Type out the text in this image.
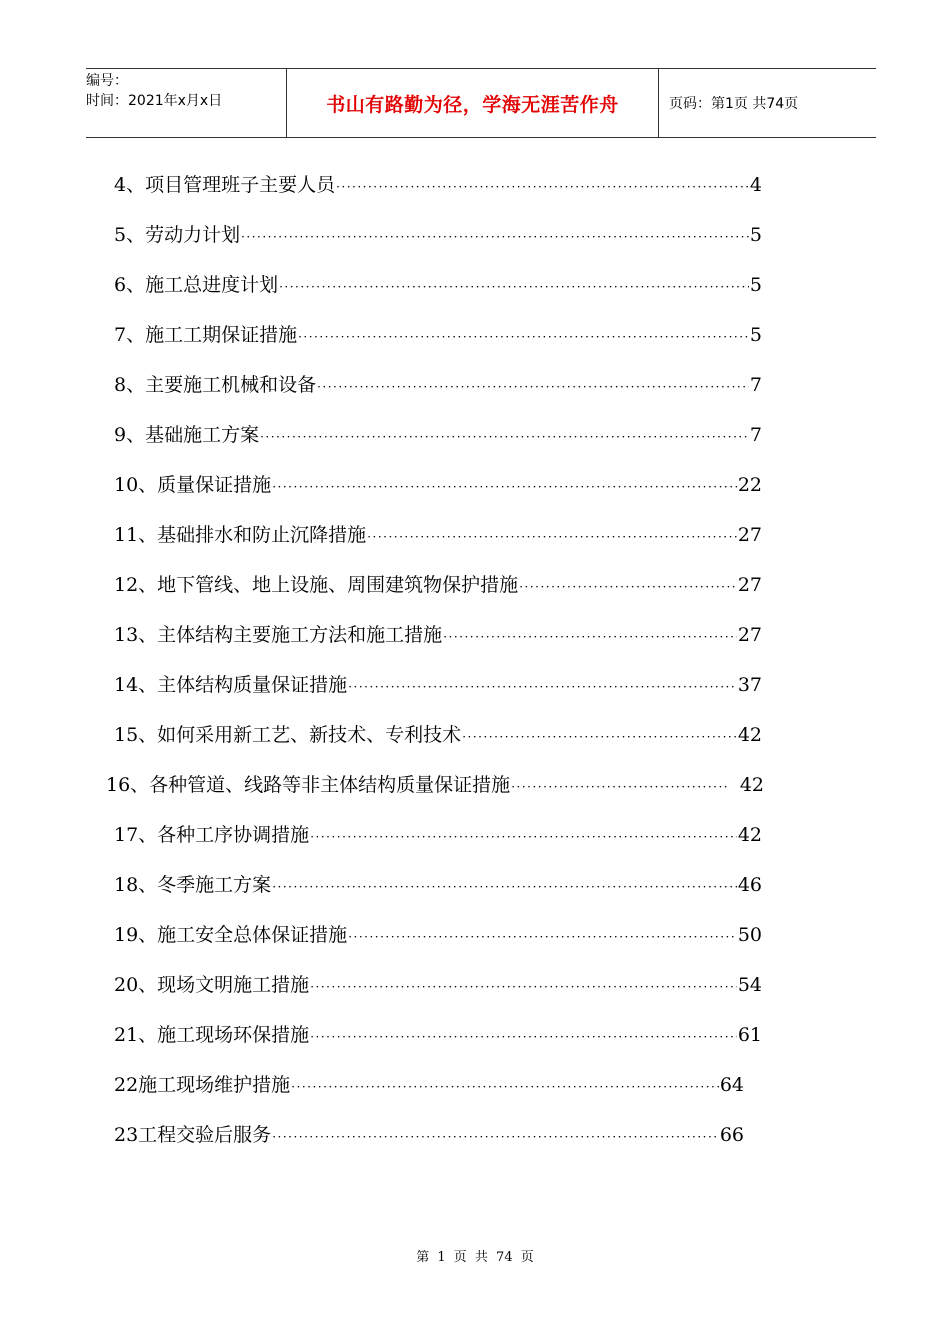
编号：
时间：2021年x月x日	书山有路勤为径，学海无涯苦作舟	页码：第1页 共74页
4、项目管理班子主要人员 ·····	4
5、劳动力计划 ·····	5
6、施工总进度计划 ·····	5
7、施工工期保证措施 ·····	5
8、主要施工机械和设备 ·····	7
9、基础施工方案 ·····	7
10、质量保证措施 ·····	22
11、基础排水和防止沉降措施 ·····	27
12、地下管线、地上设施、周围建筑物保护措施 ·····	27
13、主体结构主要施工方法和施工措施 ·····	27
14、主体结构质量保证措施 ·····	37
15、如何采用新工艺、新技术、专利技术 ·····	42
16、各种管道、线路等非主体结构质量保证措施 ·····	42
17、各种工序协调措施 ·····	42
18、冬季施工方案 ·····	46
19、施工安全总体保证措施 ·····	50
20、现场文明施工措施 ·····	54
21、施工现场环保措施 ·····	61
22施工现场维护措施 ·····	64
23工程交验后服务 ·····	66
第 1 页 共 74 页
